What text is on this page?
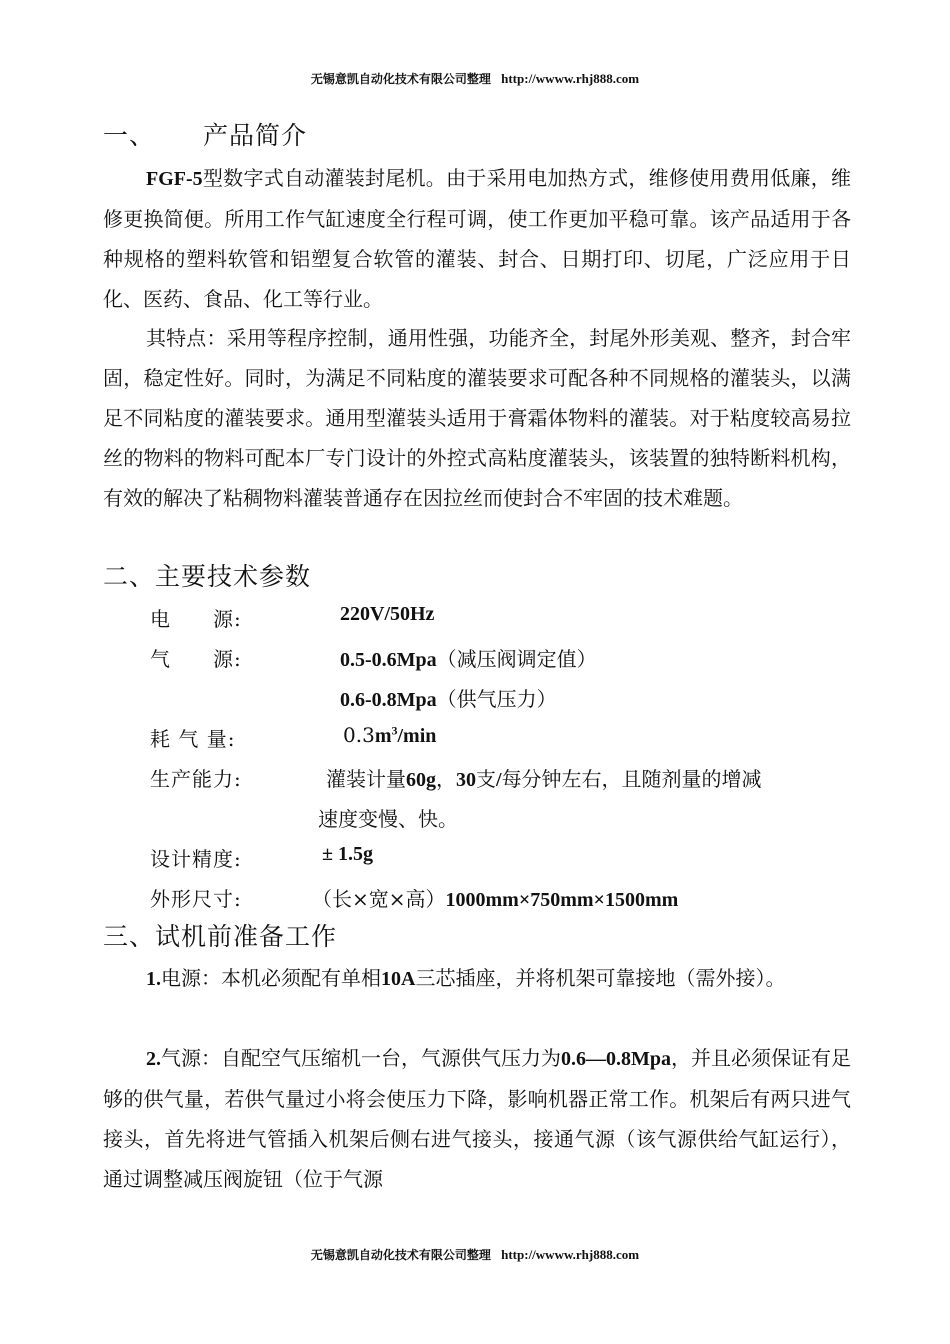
无锡意凯自动化技术有限公司整理 http://wwww.rhj888.com
一、 产品简介
FGF-5型数字式自动灌装封尾机。由于采用电加热方式，维修使用费用低廉，维修更换简便。所用工作气缸速度全行程可调，使工作更加平稳可靠。该产品适用于各种规格的塑料软管和铝塑复合软管的灌装、封合、日期打印、切尾，广泛应用于日化、医药、食品、化工等行业。
其特点：采用等程序控制，通用性强，功能齐全，封尾外形美观、整齐，封合牢固，稳定性好。同时，为满足不同粘度的灌装要求可配各种不同规格的灌装头，以满足不同粘度的灌装要求。通用型灌装头适用于膏霜体物料的灌装。对于粘度较高易拉丝的物料的物料可配本厂专门设计的外控式高粘度灌装头，该装置的独特断料机构，有效的解决了粘稠物料灌装普通存在因拉丝而使封合不牢固的技术难题。
二、主要技术参数
电　　源:	220V/50Hz
气　　源:	0.5-0.6Mpa（减压阀调定值）
0.6-0.8Mpa（供气压力）
耗 气 量:	$0.3m^3/\min$
生产能力:	灌装计量60g，30支/每分钟左右，且随剂量的增减
速度变慢、快。
设计精度:	± 1.5g
外形尺寸:	（长×宽×高）1000mm×750mm×1500mm
三、试机前准备工作
1.电源：本机必须配有单相10A三芯插座，并将机架可靠接地（需外接）。
2.气源：自配空气压缩机一台，气源供气压力为0.6—0.8Mpa，并且必须保证有足够的供气量，若供气量过小将会使压力下降，影响机器正常工作。机架后有两只进气接头，首先将进气管插入机架后侧右进气接头，接通气源（该气源供给气缸运行），通过调整减压阀旋钮（位于气源
无锡意凯自动化技术有限公司整理 http://wwww.rhj888.com
